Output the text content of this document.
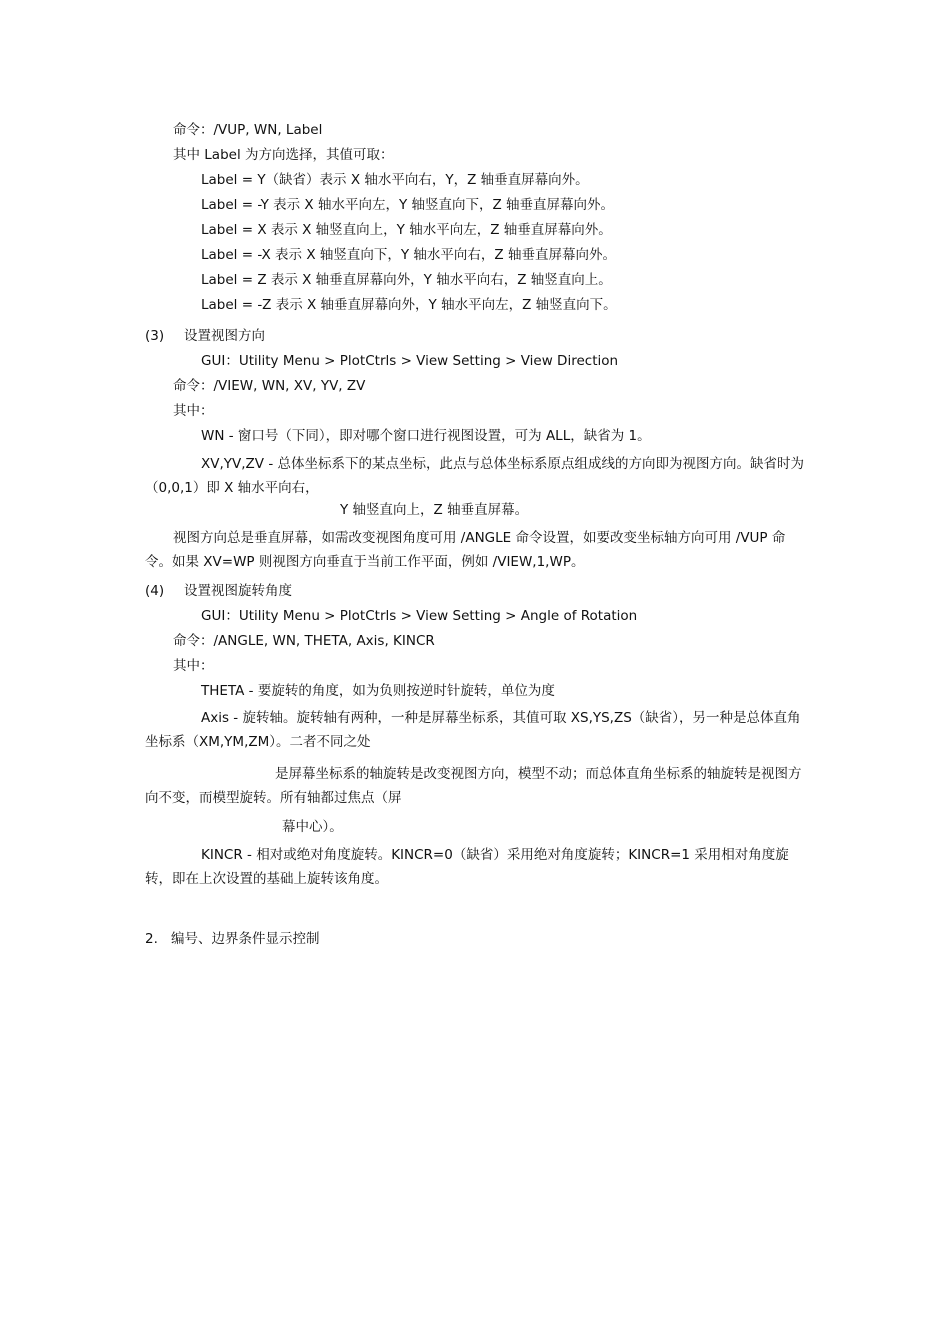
命令：/VUP, WN, Label
其中 Label 为方向选择，其值可取：
Label = Y（缺省）表示 X 轴水平向右，Y，Z 轴垂直屏幕向外。
Label = -Y 表示 X 轴水平向左，Y 轴竖直向下，Z 轴垂直屏幕向外。
Label = X 表示 X 轴竖直向上，Y 轴水平向左，Z 轴垂直屏幕向外。
Label = -X 表示 X 轴竖直向下，Y 轴水平向右，Z 轴垂直屏幕向外。
Label = Z 表示 X 轴垂直屏幕向外，Y 轴水平向右，Z 轴竖直向上。
Label = -Z 表示 X 轴垂直屏幕向外，Y 轴水平向左，Z 轴竖直向下。
(3) 设置视图方向
GUI：Utility Menu > PlotCtrls > View Setting > View Direction
命令：/VIEW, WN, XV, YV, ZV
其中：
WN - 窗口号（下同），即对哪个窗口进行视图设置，可为 ALL，缺省为 1。
XV,YV,ZV - 总体坐标系下的某点坐标，此点与总体坐标系原点组成线的方向即为视图方向。缺省时为（0,0,1）即 X 轴水平向右，
Y 轴竖直向上，Z 轴垂直屏幕。
视图方向总是垂直屏幕，如需改变视图角度可用 /ANGLE 命令设置，如要改变坐标轴方向可用 /VUP 命令。如果 XV=WP 则视图方向垂直于当前工作平面，例如 /VIEW,1,WP。
(4) 设置视图旋转角度
GUI：Utility Menu > PlotCtrls > View Setting > Angle of Rotation
命令：/ANGLE, WN, THETA, Axis, KINCR
其中：
THETA - 要旋转的角度，如为负则按逆时针旋转，单位为度
Axis - 旋转轴。旋转轴有两种，一种是屏幕坐标系，其值可取 XS,YS,ZS（缺省），另一种是总体直角坐标系（XM,YM,ZM）。二者不同之处
是屏幕坐标系的轴旋转是改变视图方向，模型不动；而总体直角坐标系的轴旋转是视图方向不变，而模型旋转。所有轴都过焦点（屏
幕中心）。
KINCR - 相对或绝对角度旋转。KINCR=0（缺省）采用绝对角度旋转；KINCR=1 采用相对角度旋转，即在上次设置的基础上旋转该角度。
2. 编号、边界条件显示控制
